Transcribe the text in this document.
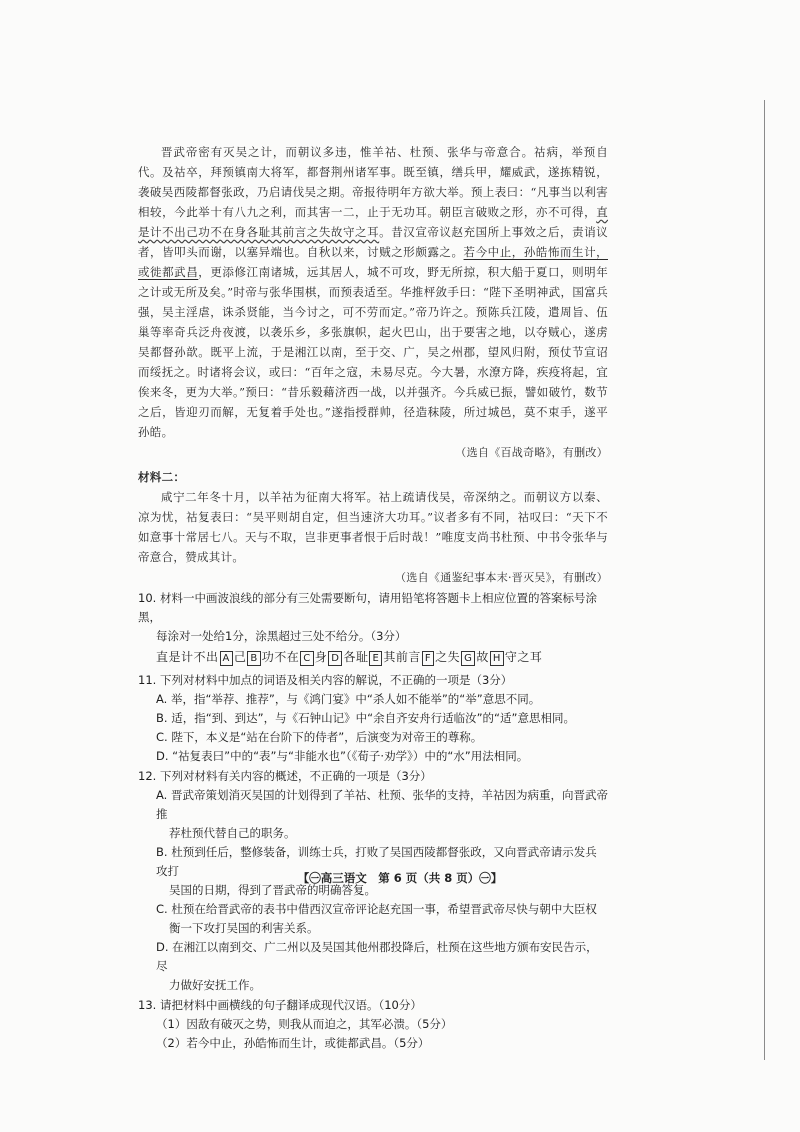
晋武帝密有灭吴之计，而朝议多违，惟羊祜、杜预、张华与帝意合。祜病，举预自代。及祜卒，拜预镇南大将军，都督荆州诸军事。既至镇，缮兵甲，耀威武，遂拣精锐，袭破吴西陵都督张政，乃启请伐吴之期。帝报待明年方欲大举。预上表曰：“凡事当以利害相较，今此举十有八九之利，而其害一二，止于无功耳。朝臣言破败之形，亦不可得，直是计不出己功不在身各耻其前言之失故守之耳。昔汉宣帝议赵充国所上事效之后，责诮议者，皆叩头而谢，以塞异端也。自秋以来，讨贼之形颇露之。若今中止，孙皓怖而生计，或徙都武昌，更添修江南诸城，远其居人，城不可攻，野无所掠，积大船于夏口，则明年之计或无所及矣。”时帝与张华围棋，而预表适至。华推枰敛手曰：“陛下圣明神武，国富兵强，吴主淫虐，诛杀贤能，当今讨之，可不劳而定。”帝乃许之。预陈兵江陵，遣周旨、伍巢等率奇兵泛舟夜渡，以袭乐乡，多张旗帜，起火巴山，出于要害之地，以夺贼心，遂虏吴都督孙歆。既平上流，于是湘江以南，至于交、广，吴之州郡，望风归附，预仗节宣诏而绥抚之。时诸将会议，或曰：“百年之寇，未易尽克。今大暑，水潦方降，疾疫将起，宜俟来冬，更为大举。”预曰：“昔乐毅藉济西一战，以并强齐。今兵威已振，譬如破竹，数节之后，皆迎刃而解，无复着手处也。”遂指授群帅，径造秣陵，所过城邑，莫不束手，遂平孙皓。

（选自《百战奇略》，有删改）
材料二：

咸宁二年冬十月，以羊祜为征南大将军。祜上疏请伐吴，帝深纳之。而朝议方以秦、凉为忧，祜复表曰：“吴平则胡自定，但当速济大功耳。”议者多有不同，祜叹曰：“天下不如意事十常居七八。天与不取，岂非更事者恨于后时哉！”唯度支尚书杜预、中书令张华与帝意合，赞成其计。

（选自《通鉴纪事本末·晋灭吴》，有删改）
10. 材料一中画波浪线的部分有三处需要断句，请用铅笔将答题卡上相应位置的答案标号涂黑，
每涂对一处给1分，涂黑超过三处不给分。（3分）
直是计不出 A 己 B 功不在 C 身 D 各耻 E 其前言 F 之失 G 故 H 守之耳
11. 下列对材料中加点的词语及相关内容的解说，不正确的一项是（3分）
A. 举，指“举荐、推荐”，与《鸿门宴》中“杀人如不能举”的“举”意思不同。
B. 适，指“到、到达”，与《石钟山记》中“余自齐安舟行适临汝”的“适”意思相同。
C. 陛下，本义是“站在台阶下的侍者”，后演变为对帝王的尊称。
D. “祜复表曰”中的“表”与“非能水也”（《荀子·劝学》）中的“水”用法相同。
12. 下列对材料有关内容的概述，不正确的一项是（3分）
A. 晋武帝策划消灭吴国的计划得到了羊祜、杜预、张华的支持，羊祜因为病重，向晋武帝推
荐杜预代替自己的职务。
B. 杜预到任后，整修装备，训练士兵，打败了吴国西陵都督张政，又向晋武帝请示发兵攻打
吴国的日期，得到了晋武帝的明确答复。
C. 杜预在给晋武帝的表书中借西汉宣帝评论赵充国一事，希望晋武帝尽快与朝中大臣权
衡一下攻打吴国的利害关系。
D. 在湘江以南到交、广二州以及吴国其他州郡投降后，杜预在这些地方颁布安民告示，尽
力做好安抚工作。
13. 请把材料中画横线的句子翻译成现代汉语。（10分）
（1）因敌有破灭之势，则我从而迫之，其军必溃。（5分）
（2）若今中止，孙皓怖而生计，或徙都武昌。（5分）
【㊀高三语文　第 6 页（共 8 页）㊀】
